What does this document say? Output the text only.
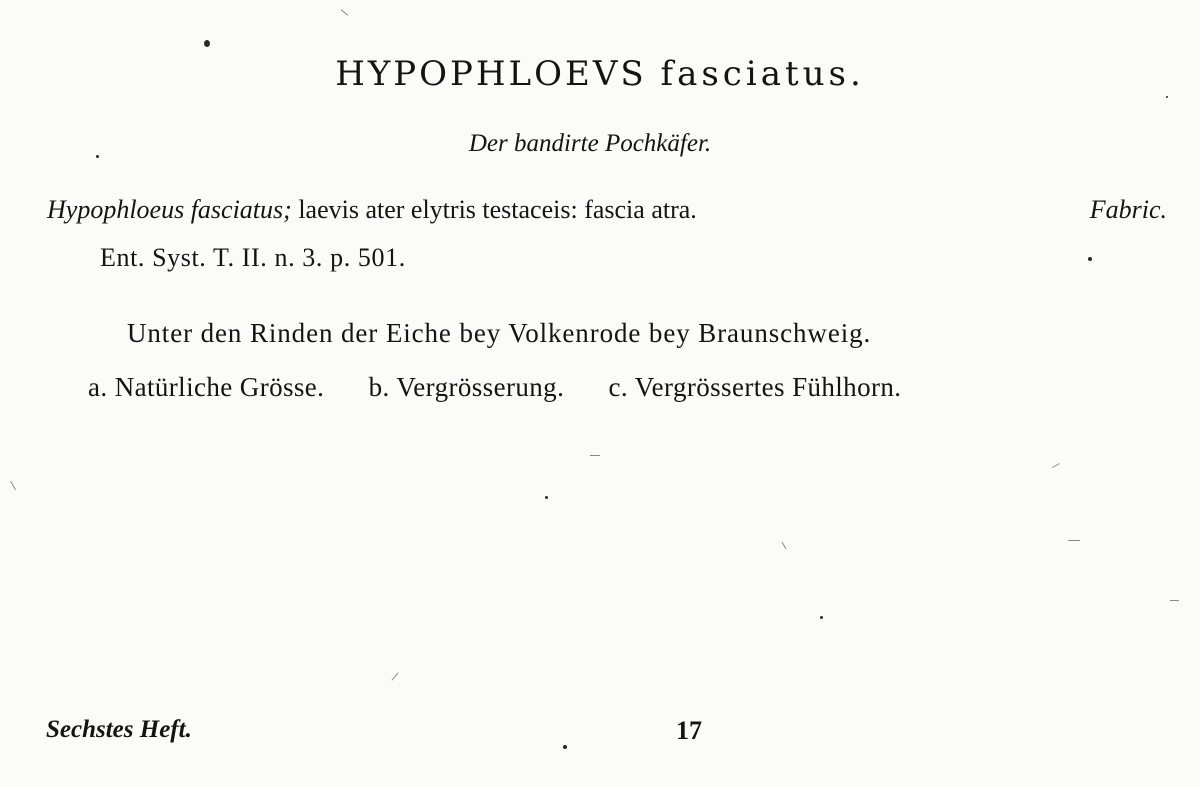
HYPOPHLOEVS fasciatus.
Der bandirte Pochkäfer.
Hypophloeus fasciatus; laevis ater elytris testaceis: fascia atra.	Fabric.
Ent. Syst. T. II. n. 3. p. 501.
Unter den Rinden der Eiche bey Volkenrode bey Braunschweig.
a. Natürliche Grösse. b. Vergrösserung. c. Vergrössertes Fühlhorn.
Sechstes Heft.	17
